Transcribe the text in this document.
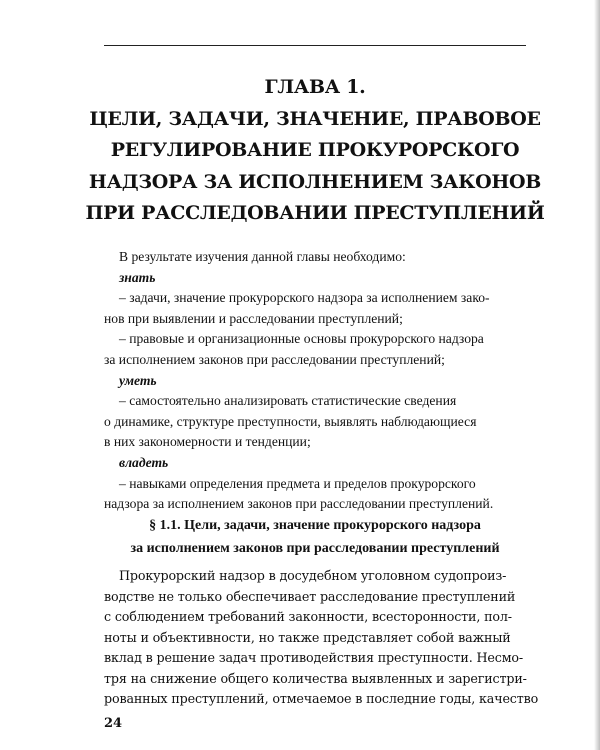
ГЛАВА 1.
ЦЕЛИ, ЗАДАЧИ, ЗНАЧЕНИЕ, ПРАВОВОЕ
РЕГУЛИРОВАНИЕ ПРОКУРОРСКОГО
НАДЗОРА ЗА ИСПОЛНЕНИЕМ ЗАКОНОВ
ПРИ РАССЛЕДОВАНИИ ПРЕСТУПЛЕНИЙ
В результате изучения данной главы необходимо:
знать
– задачи, значение прокурорского надзора за исполнением зако-
нов при выявлении и расследовании преступлений;
– правовые и организационные основы прокурорского надзора
за исполнением законов при расследовании преступлений;
уметь
– самостоятельно анализировать статистические сведения
о динамике, структуре преступности, выявлять наблюдающиеся
в них закономерности и тенденции;
владеть
– навыками определения предмета и пределов прокурорского
надзора за исполнением законов при расследовании преступлений.
§ 1.1. Цели, задачи, значение прокурорского надзора
за исполнением законов при расследовании преступлений
Прокурорский надзор в досудебном уголовном судопроиз-
водстве не только обеспечивает расследование преступлений
с соблюдением требований законности, всесторонности, пол-
ноты и объективности, но также представляет собой важный
вклад в решение задач противодействия преступности. Несмо-
тря на снижение общего количества выявленных и зарегистри-
рованных преступлений, отмечаемое в последние годы, качество
24
